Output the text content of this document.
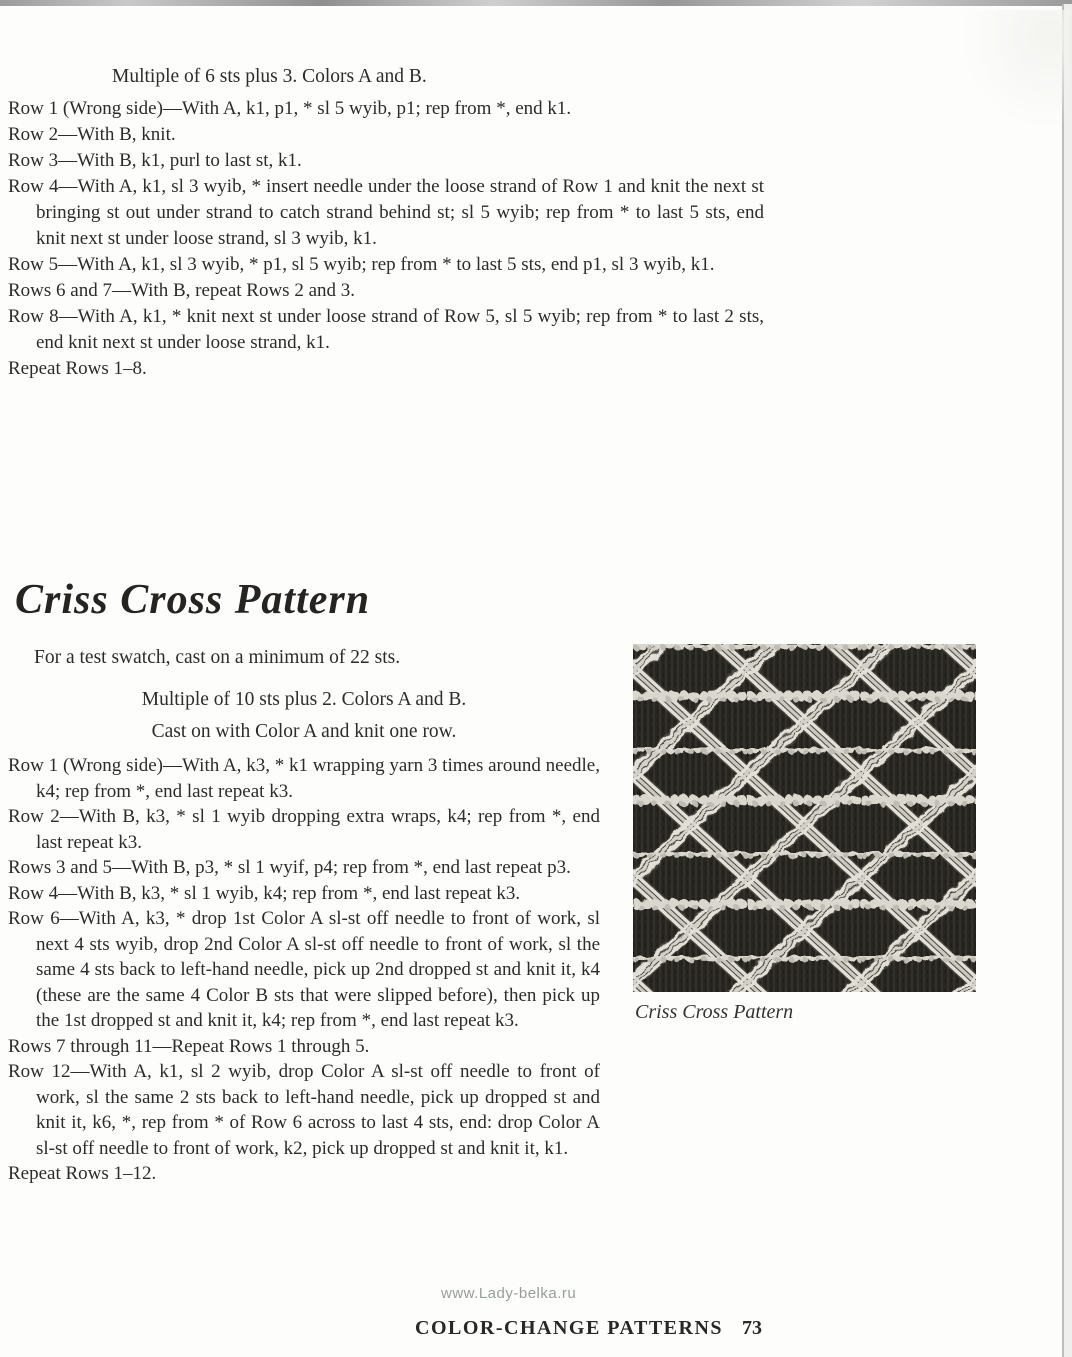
Multiple of 6 sts plus 3. Colors A and B.

Row 1 (Wrong side)—With A, k1, p1, * sl 5 wyib, p1; rep from *, end k1.

Row 2—With B, knit.

Row 3—With B, k1, purl to last st, k1.

Row 4—With A, k1, sl 3 wyib, * insert needle under the loose strand of Row 1 and knit the next st bringing st out under strand to catch strand behind st; sl 5 wyib; rep from * to last 5 sts, end knit next st under loose strand, sl 3 wyib, k1.

Row 5—With A, k1, sl 3 wyib, * p1, sl 5 wyib; rep from * to last 5 sts, end p1, sl 3 wyib, k1.

Rows 6 and 7—With B, repeat Rows 2 and 3.

Row 8—With A, k1, * knit next st under loose strand of Row 5, sl 5 wyib; rep from * to last 2 sts, end knit next st under loose strand, k1.

Repeat Rows 1–8.

Criss Cross Pattern
For a test swatch, cast on a minimum of 22 sts.
Multiple of 10 sts plus 2. Colors A and B.
Cast on with Color A and knit one row.

Row 1 (Wrong side)—With A, k3, * k1 wrapping yarn 3 times around needle, k4; rep from *, end last repeat k3.

Row 2—With B, k3, * sl 1 wyib dropping extra wraps, k4; rep from *, end last repeat k3.

Rows 3 and 5—With B, p3, * sl 1 wyif, p4; rep from *, end last repeat p3.

Row 4—With B, k3, * sl 1 wyib, k4; rep from *, end last repeat k3.

Row 6—With A, k3, * drop 1st Color A sl-st off needle to front of work, sl next 4 sts wyib, drop 2nd Color A sl-st off needle to front of work, sl the same 4 sts back to left-hand needle, pick up 2nd dropped st and knit it, k4 (these are the same 4 Color B sts that were slipped before), then pick up the 1st dropped st and knit it, k4; rep from *, end last repeat k3.

Rows 7 through 11—Repeat Rows 1 through 5.

Row 12—With A, k1, sl 2 wyib, drop Color A sl-st off needle to front of work, sl the same 2 sts back to left-hand needle, pick up dropped st and knit it, k6, *, rep from * of Row 6 across to last 4 sts, end: drop Color A sl-st off needle to front of work, k2, pick up dropped st and knit it, k1.

Repeat Rows 1–12.

Criss Cross Pattern
www.Lady-belka.ru
COLOR-CHANGE PATTERNS 73
